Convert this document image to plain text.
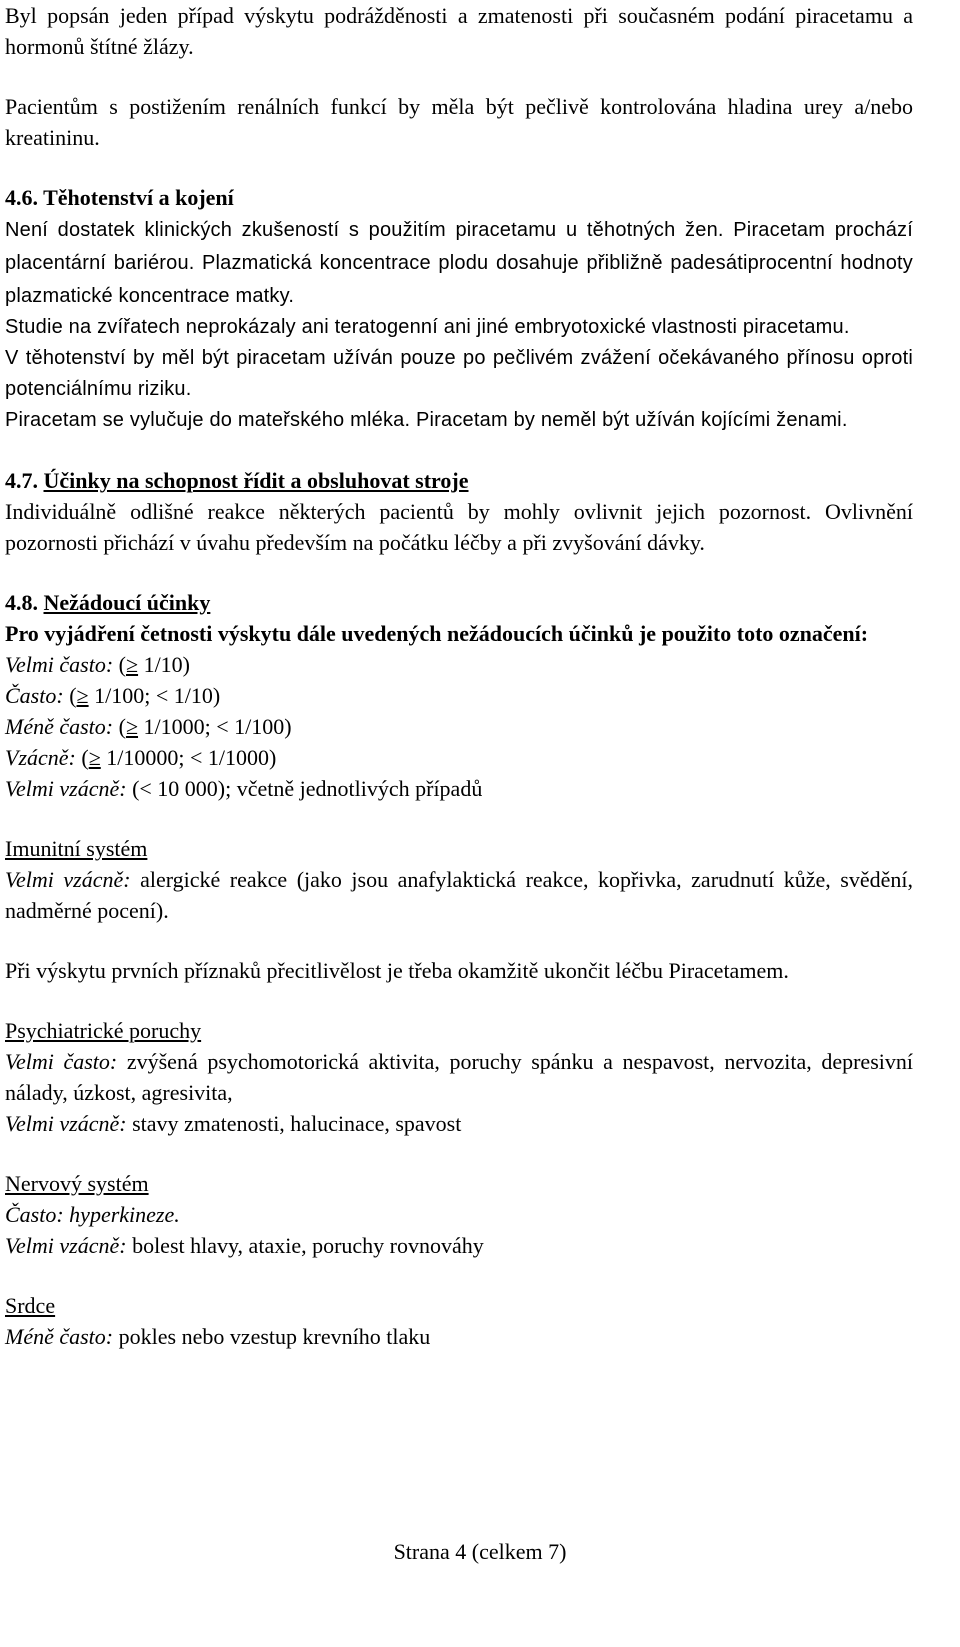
Byl popsán jeden případ výskytu podrážděnosti a zmatenosti při současném podání piracetamu a hormonů štítné žlázy.

Pacientům s postižením renálních funkcí by měla být pečlivě kontrolována hladina urey a/nebo kreatininu.

4.6. Těhotenství a kojení

Není dostatek klinických zkušeností s použitím piracetamu u těhotných žen. Piracetam prochází placentární bariérou. Plazmatická koncentrace plodu dosahuje přibližně padesátiprocentní hodnoty plazmatické koncentrace matky.

Studie na zvířatech neprokázaly ani teratogenní ani jiné embryotoxické vlastnosti piracetamu.

V těhotenství by měl být piracetam užíván pouze po pečlivém zvážení očekávaného přínosu oproti potenciálnímu riziku.

Piracetam se vylučuje do mateřského mléka. Piracetam by neměl být užíván kojícími ženami.

4.7. Účinky na schopnost řídit a obsluhovat stroje

Individuálně odlišné reakce některých pacientů by mohly ovlivnit jejich pozornost. Ovlivnění pozornosti přichází v úvahu především na počátku léčby a při zvyšování dávky.

4.8. Nežádoucí účinky

Pro vyjádření četnosti výskytu dále uvedených nežádoucích účinků je použito toto označení:

Velmi často: (≥ 1/10)
Často: (≥ 1/100; < 1/10)
Méně často: (≥ 1/1000; < 1/100)
Vzácně: (≥ 1/10000; < 1/1000)
Velmi vzácně: (< 10 000); včetně jednotlivých případů
Imunitní systém

Velmi vzácně: alergické reakce (jako jsou anafylaktická reakce, kopřivka, zarudnutí kůže, svědění, nadměrné pocení).

Při výskytu prvních příznaků přecitlivělost je třeba okamžitě ukončit léčbu Piracetamem.

Psychiatrické poruchy

Velmi často: zvýšená psychomotorická aktivita, poruchy spánku a nespavost, nervozita, depresivní nálady, úzkost, agresivita,

Velmi vzácně: stavy zmatenosti, halucinace, spavost

Nervový systém

Často: hyperkineze.

Velmi vzácně: bolest hlavy, ataxie, poruchy rovnováhy

Srdce

Méně často: pokles nebo vzestup krevního tlaku

Strana 4 (celkem 7)
